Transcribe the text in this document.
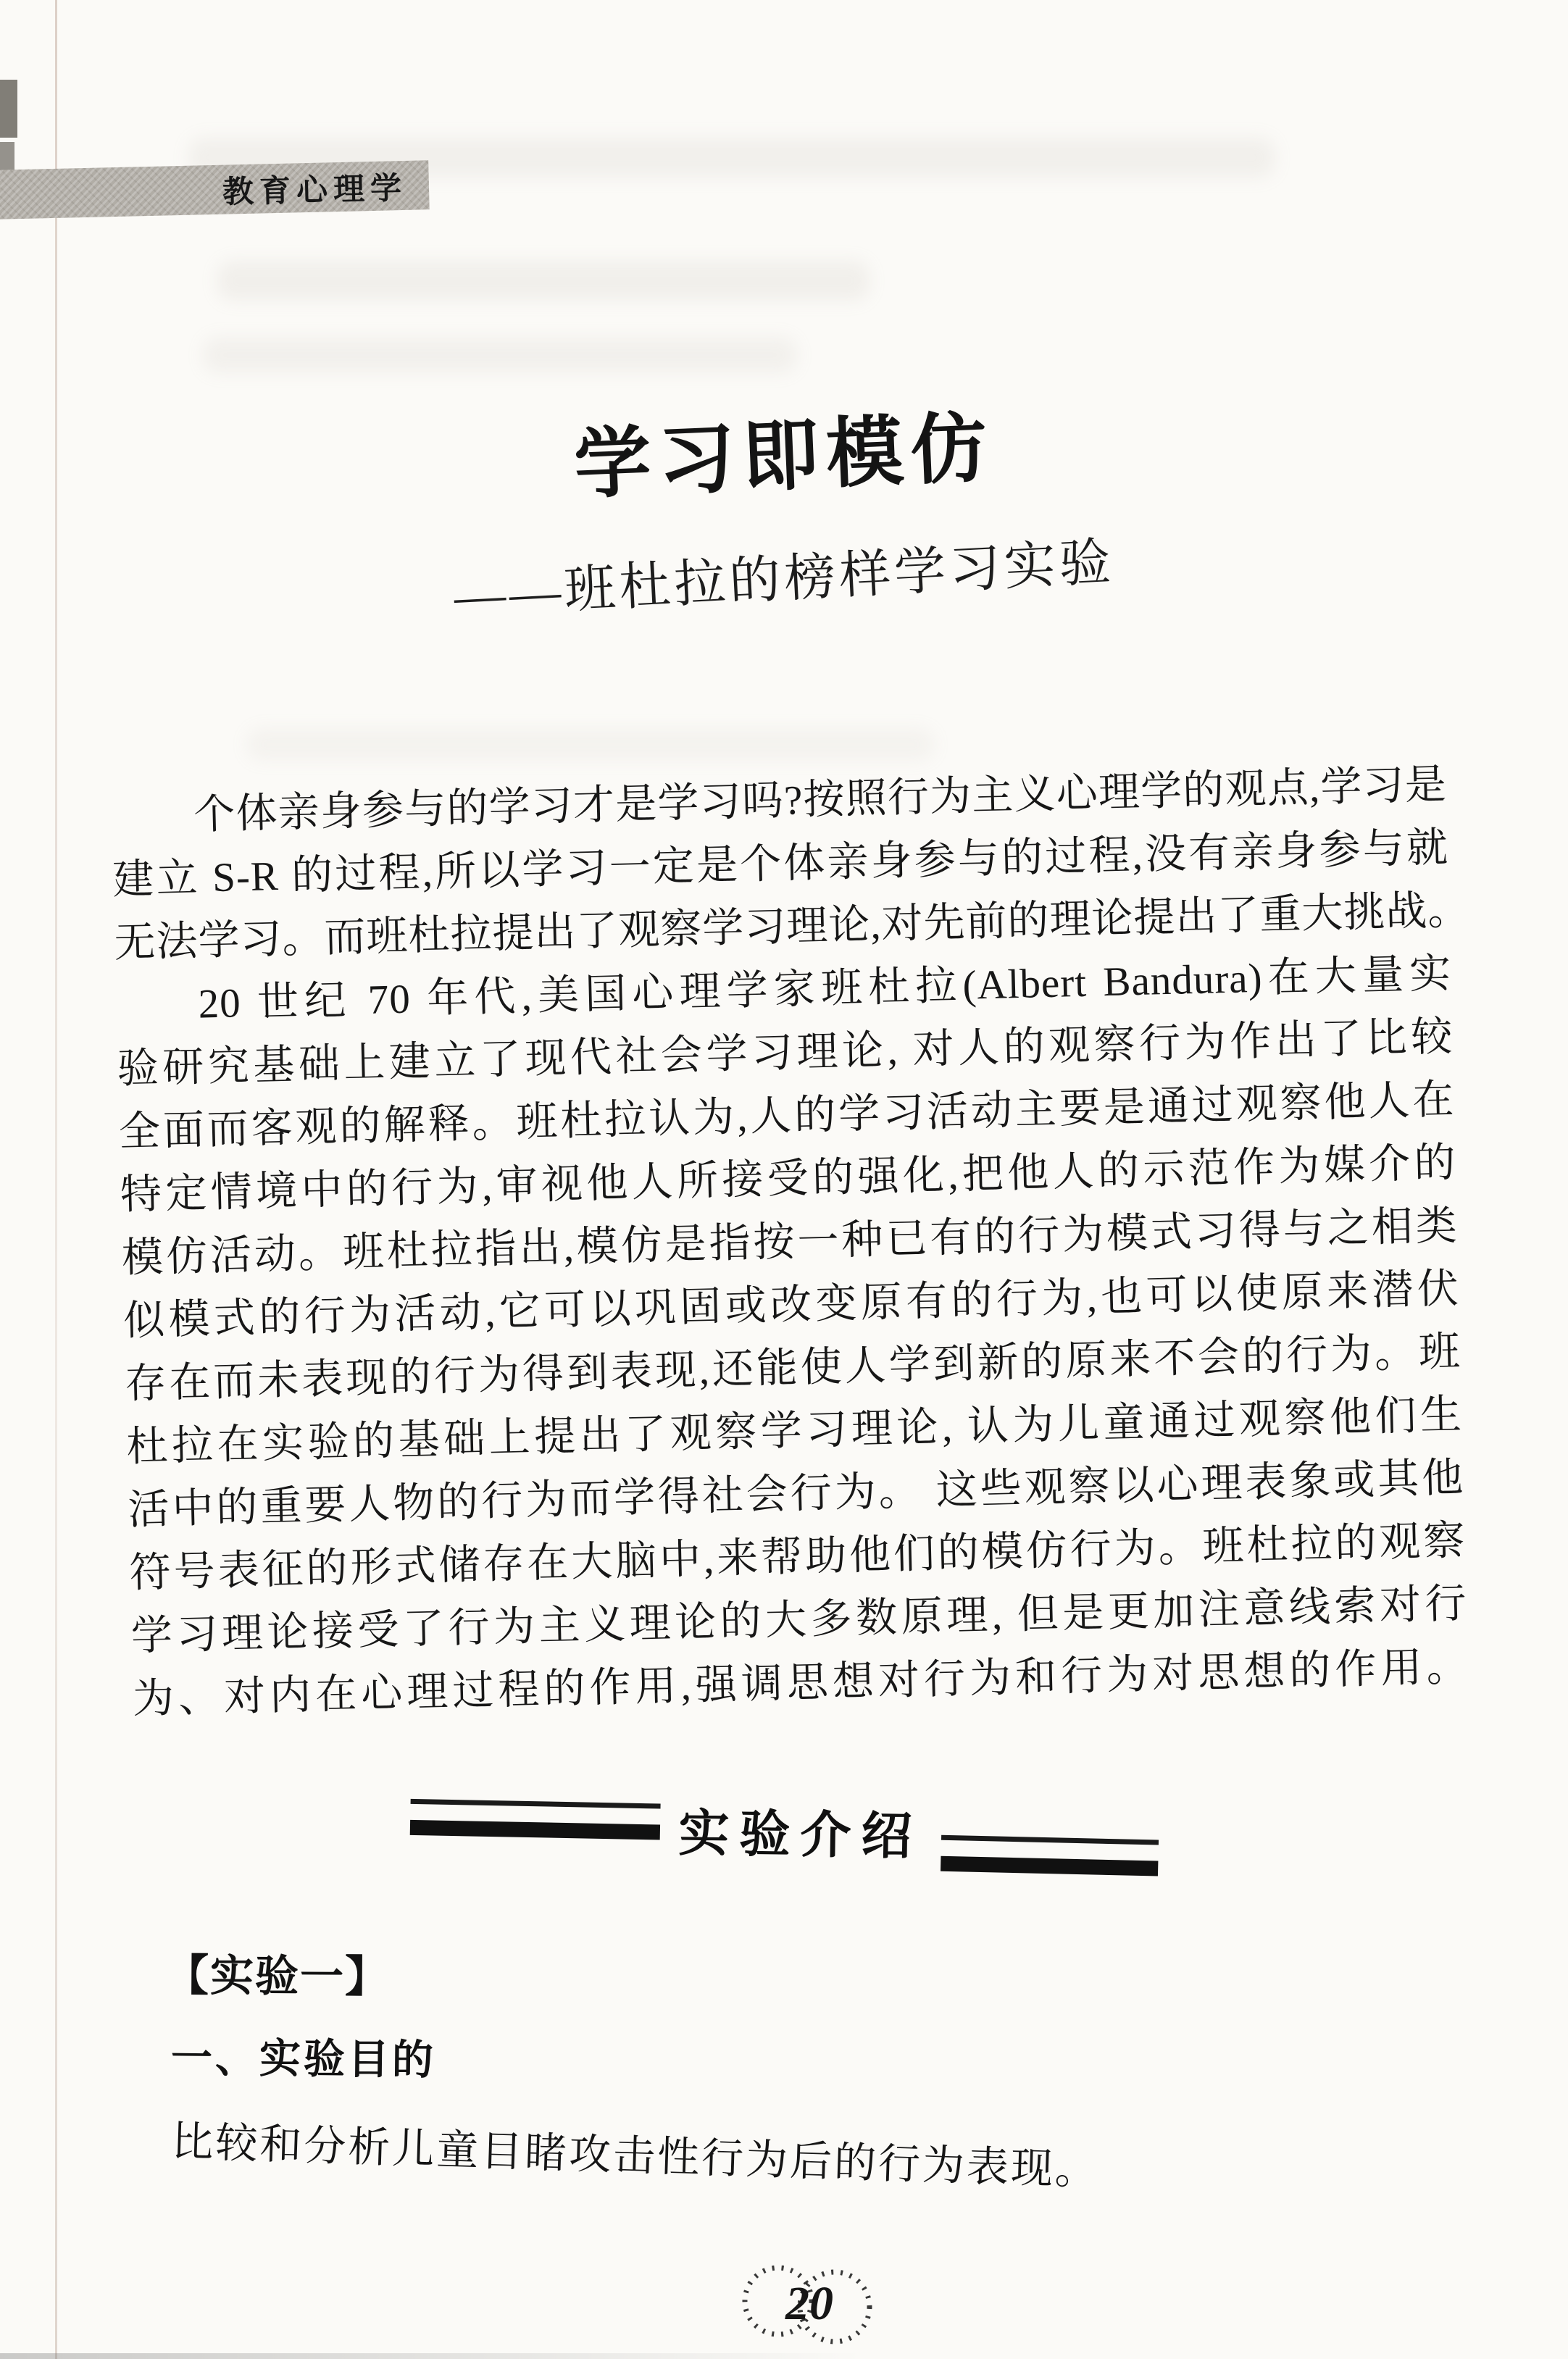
教育心理学
学习即模仿
——班杜拉的榜样学习实验
个体亲身参与的学习才是学习吗?按照行为主义心理学的观点,学习是
建立 S-R 的过程,所以学习一定是个体亲身参与的过程,没有亲身参与就
无法学习。而班杜拉提出了观察学习理论,对先前的理论提出了重大挑战。
20 世纪 70 年代,美国心理学家班杜拉(Albert Bandura)在大量实
验研究基础上建立了现代社会学习理论, 对人的观察行为作出了比较
全面而客观的解释。班杜拉认为,人的学习活动主要是通过观察他人在
特定情境中的行为,审视他人所接受的强化,把他人的示范作为媒介的
模仿活动。班杜拉指出,模仿是指按一种已有的行为模式习得与之相类
似模式的行为活动,它可以巩固或改变原有的行为,也可以使原来潜伏
存在而未表现的行为得到表现,还能使人学到新的原来不会的行为。班
杜拉在实验的基础上提出了观察学习理论, 认为儿童通过观察他们生
活中的重要人物的行为而学得社会行为。 这些观察以心理表象或其他
符号表征的形式储存在大脑中,来帮助他们的模仿行为。班杜拉的观察
学习理论接受了行为主义理论的大多数原理, 但是更加注意线索对行
为、对内在心理过程的作用,强调思想对行为和行为对思想的作用。
实验介绍
【实验一】
一、实验目的
比较和分析儿童目睹攻击性行为后的行为表现。
20
